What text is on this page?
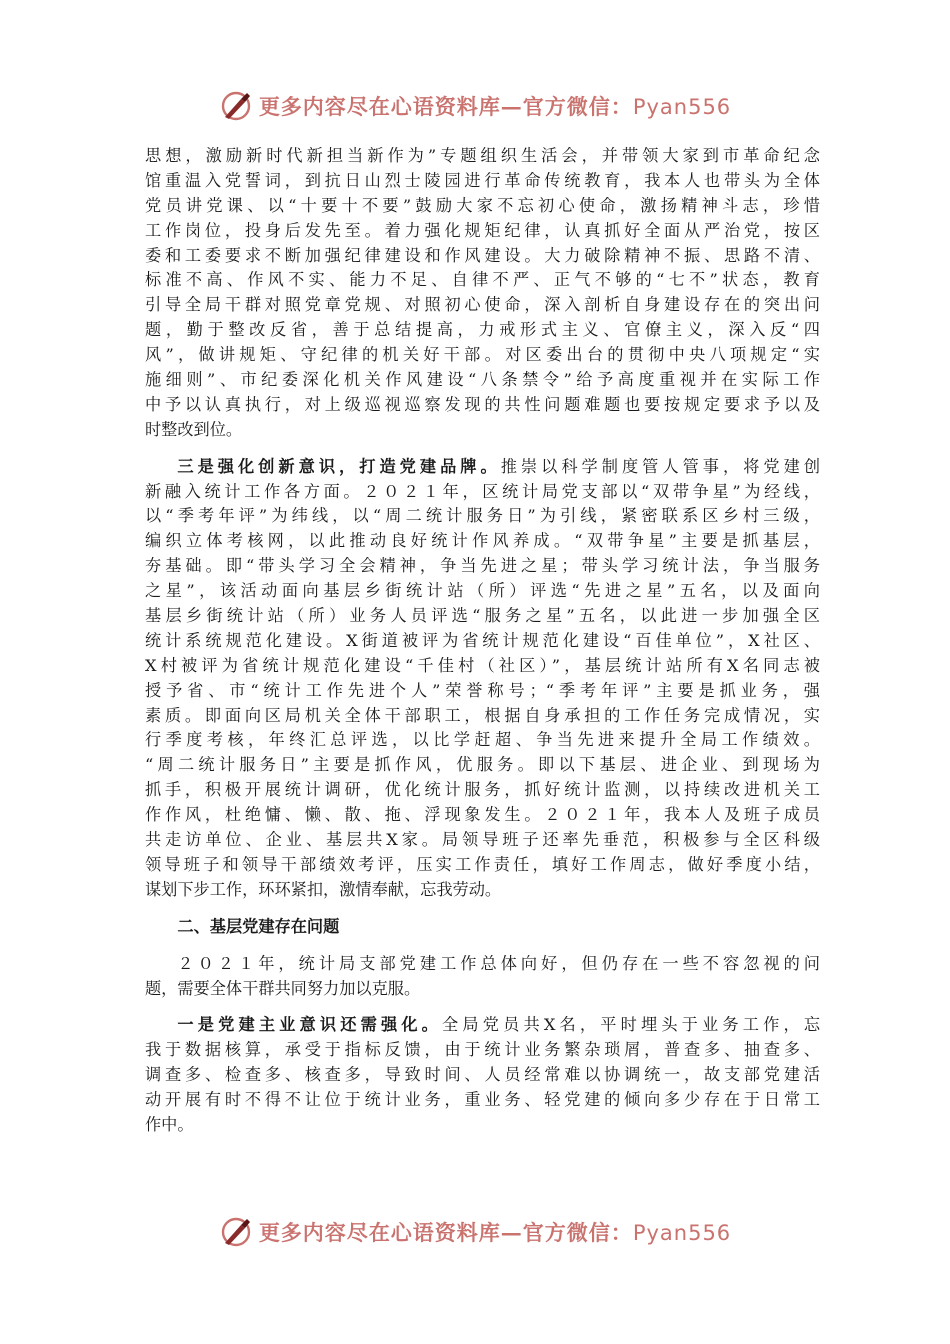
更多内容尽在心语资料库—官方微信：Pyan556
思想，激励新时代新担当新作为”专题组织生活会，并带领大家到市革命纪念
馆重温入党誓词，到抗日山烈士陵园进行革命传统教育，我本人也带头为全体
党员讲党课、以“十要十不要”鼓励大家不忘初心使命，激扬精神斗志，珍惜
工作岗位，投身后发先至。着力强化规矩纪律，认真抓好全面从严治党，按区
委和工委要求不断加强纪律建设和作风建设。大力破除精神不振、思路不清、
标准不高、作风不实、能力不足、自律不严、正气不够的“七不”状态，教育
引导全局干群对照党章党规、对照初心使命，深入剖析自身建设存在的突出问
题，勤于整改反省，善于总结提高，力戒形式主义、官僚主义，深入反“四
风”，做讲规矩、守纪律的机关好干部。对区委出台的贯彻中央八项规定“实
施细则”、市纪委深化机关作风建设“八条禁令”给予高度重视并在实际工作
中予以认真执行，对上级巡视巡察发现的共性问题难题也要按规定要求予以及
时整改到位。
三是强化创新意识，打造党建品牌。推崇以科学制度管人管事，将党建创
新融入统计工作各方面。２０２１年，区统计局党支部以“双带争星”为经线，
以“季考年评”为纬线，以“周二统计服务日”为引线，紧密联系区乡村三级，
编织立体考核网，以此推动良好统计作风养成。“双带争星”主要是抓基层，
夯基础。即“带头学习全会精神，争当先进之星；带头学习统计法，争当服务
之星”，该活动面向基层乡街统计站（所）评选“先进之星”五名，以及面向
基层乡街统计站（所）业务人员评选“服务之星”五名，以此进一步加强全区
统计系统规范化建设。X街道被评为省统计规范化建设“百佳单位”，X社区、
X村被评为省统计规范化建设“千佳村（社区）”，基层统计站所有X名同志被
授予省、市“统计工作先进个人”荣誉称号；“季考年评”主要是抓业务，强
素质。即面向区局机关全体干部职工，根据自身承担的工作任务完成情况，实
行季度考核，年终汇总评选，以比学赶超、争当先进来提升全局工作绩效。
“周二统计服务日”主要是抓作风，优服务。即以下基层、进企业、到现场为
抓手，积极开展统计调研，优化统计服务，抓好统计监测，以持续改进机关工
作作风，杜绝慵、懒、散、拖、浮现象发生。２０２１年，我本人及班子成员
共走访单位、企业、基层共X家。局领导班子还率先垂范，积极参与全区科级
领导班子和领导干部绩效考评，压实工作责任，填好工作周志，做好季度小结，
谋划下步工作，环环紧扣，激情奉献，忘我劳动。
二、基层党建存在问题
２０２１年，统计局支部党建工作总体向好，但仍存在一些不容忽视的问
题，需要全体干群共同努力加以克服。
一是党建主业意识还需强化。全局党员共X名，平时埋头于业务工作，忘
我于数据核算，承受于指标反馈，由于统计业务繁杂琐屑，普查多、抽查多、
调查多、检查多、核查多，导致时间、人员经常难以协调统一，故支部党建活
动开展有时不得不让位于统计业务，重业务、轻党建的倾向多少存在于日常工
作中。
更多内容尽在心语资料库—官方微信：Pyan556
